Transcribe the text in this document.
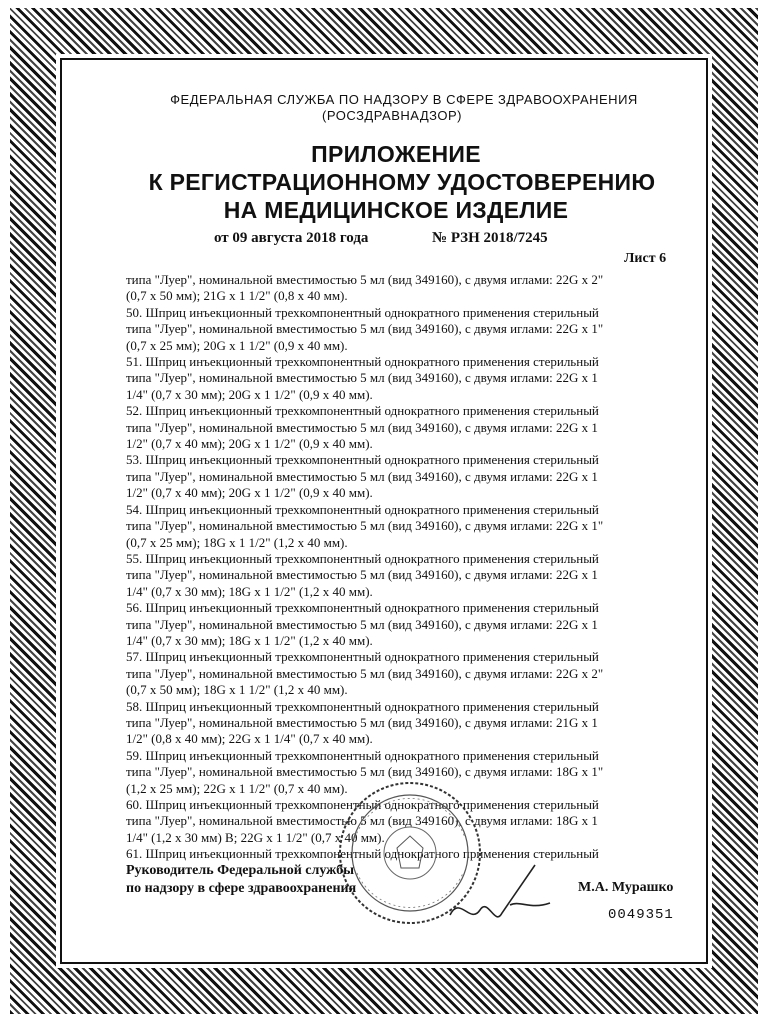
ФЕДЕРАЛЬНАЯ СЛУЖБА ПО НАДЗОРУ В СФЕРЕ ЗДРАВООХРАНЕНИЯ
(РОСЗДРАВНАДЗОР)
ПРИЛОЖЕНИЕ
К РЕГИСТРАЦИОННОМУ УДОСТОВЕРЕНИЮ
НА МЕДИЦИНСКОЕ ИЗДЕЛИЕ
от 09 августа 2018 года	№ РЗН 2018/7245
Лист 6

типа "Луер", номинальной вместимостью 5 мл (вид 349160), с двумя иглами: 22G x 2"

(0,7 x 50 мм); 21G x 1 1/2" (0,8 x 40 мм).

50. Шприц инъекционный трехкомпонентный однократного применения стерильный

типа "Луер", номинальной вместимостью 5 мл (вид 349160), с двумя иглами: 22G x 1"

(0,7 x 25 мм); 20G x 1 1/2" (0,9 x 40 мм).

51. Шприц инъекционный трехкомпонентный однократного применения стерильный

типа "Луер", номинальной вместимостью 5 мл (вид 349160), с двумя иглами: 22G x 1

1/4" (0,7 x 30 мм); 20G x 1 1/2" (0,9 x 40 мм).

52. Шприц инъекционный трехкомпонентный однократного применения стерильный

типа "Луер", номинальной вместимостью 5 мл (вид 349160), с двумя иглами: 22G x 1

1/2" (0,7 x 40 мм); 20G x 1 1/2" (0,9 x 40 мм).

53. Шприц инъекционный трехкомпонентный однократного применения стерильный

типа "Луер", номинальной вместимостью 5 мл (вид 349160), с двумя иглами: 22G x 1

1/2" (0,7 x 40 мм); 20G x 1 1/2" (0,9 x 40 мм).

54. Шприц инъекционный трехкомпонентный однократного применения стерильный

типа "Луер", номинальной вместимостью 5 мл (вид 349160), с двумя иглами: 22G x 1"

(0,7 x 25 мм); 18G x 1 1/2" (1,2 x 40 мм).

55. Шприц инъекционный трехкомпонентный однократного применения стерильный

типа "Луер", номинальной вместимостью 5 мл (вид 349160), с двумя иглами: 22G x 1

1/4" (0,7 x 30 мм); 18G x 1 1/2" (1,2 x 40 мм).

56. Шприц инъекционный трехкомпонентный однократного применения стерильный

типа "Луер", номинальной вместимостью 5 мл (вид 349160), с двумя иглами: 22G x 1

1/4" (0,7 x 30 мм); 18G x 1 1/2" (1,2 x 40 мм).

57. Шприц инъекционный трехкомпонентный однократного применения стерильный

типа "Луер", номинальной вместимостью 5 мл (вид 349160), с двумя иглами: 22G x 2"

(0,7 x 50 мм); 18G x 1 1/2" (1,2 x 40 мм).

58. Шприц инъекционный трехкомпонентный однократного применения стерильный

типа "Луер", номинальной вместимостью 5 мл (вид 349160), с двумя иглами: 21G x 1

1/2" (0,8 x 40 мм); 22G x 1 1/4" (0,7 x 40 мм).

59. Шприц инъекционный трехкомпонентный однократного применения стерильный

типа "Луер", номинальной вместимостью 5 мл (вид 349160), с двумя иглами: 18G x 1"

(1,2 x 25 мм); 22G x 1 1/2" (0,7 x 40 мм).

60. Шприц инъекционный трехкомпонентный однократного применения стерильный

типа "Луер", номинальной вместимостью 5 мл (вид 349160), с двумя иглами: 18G x 1

1/4" (1,2 x 30 мм) В; 22G x 1 1/2" (0,7 x 40 мм).

61. Шприц инъекционный трехкомпонентный однократного применения стерильный

Руководитель Федеральной службы

по надзору в сфере здравоохранения	М.А. Мурашко
0049351
